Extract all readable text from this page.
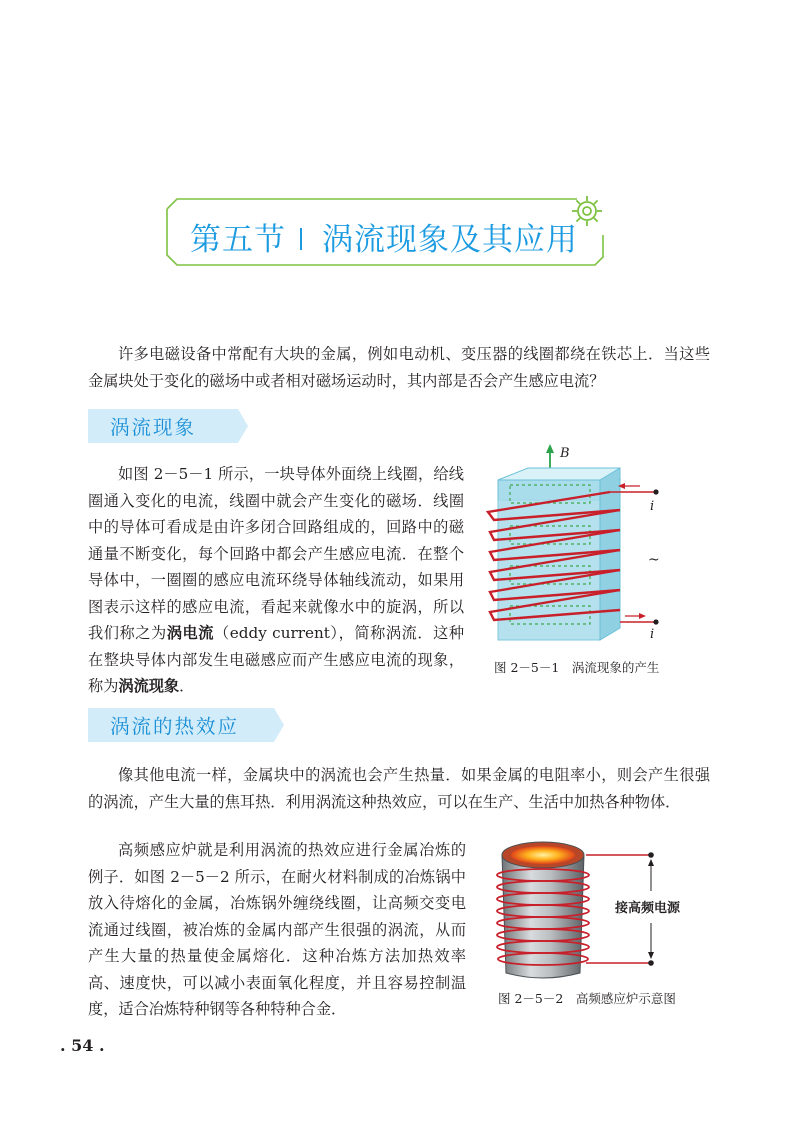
第五节 涡流现象及其应用
许多电磁设备中常配有大块的金属，例如电动机、变压器的线圈都绕在铁芯上．当这些金属块处于变化的磁场中或者相对磁场运动时，其内部是否会产生感应电流？
涡流现象
如图 2－5－1 所示，一块导体外面绕上线圈，给线圈通入变化的电流，线圈中就会产生变化的磁场．线圈中的导体可看成是由许多闭合回路组成的，回路中的磁通量不断变化，每个回路中都会产生感应电流．在整个导体中，一圈圈的感应电流环绕导体轴线流动，如果用图表示这样的感应电流，看起来就像水中的旋涡，所以我们称之为涡电流（eddy current），简称涡流．这种在整块导体内部发生电磁感应而产生感应电流的现象，称为涡流现象．
B
i
i
~
图 2－5－1　涡流现象的产生
涡流的热效应
像其他电流一样，金属块中的涡流也会产生热量．如果金属的电阻率小，则会产生很强的涡流，产生大量的焦耳热．利用涡流这种热效应，可以在生产、生活中加热各种物体．
高频感应炉就是利用涡流的热效应进行金属冶炼的例子．如图 2－5－2 所示，在耐火材料制成的冶炼锅中放入待熔化的金属，冶炼锅外缠绕线圈，让高频交变电流通过线圈，被冶炼的金属内部产生很强的涡流，从而产生大量的热量使金属熔化．这种冶炼方法加热效率高、速度快，可以减小表面氧化程度，并且容易控制温度，适合冶炼特种钢等各种特种合金．
接高频电源
图 2－5－2　高频感应炉示意图
. 54 .
